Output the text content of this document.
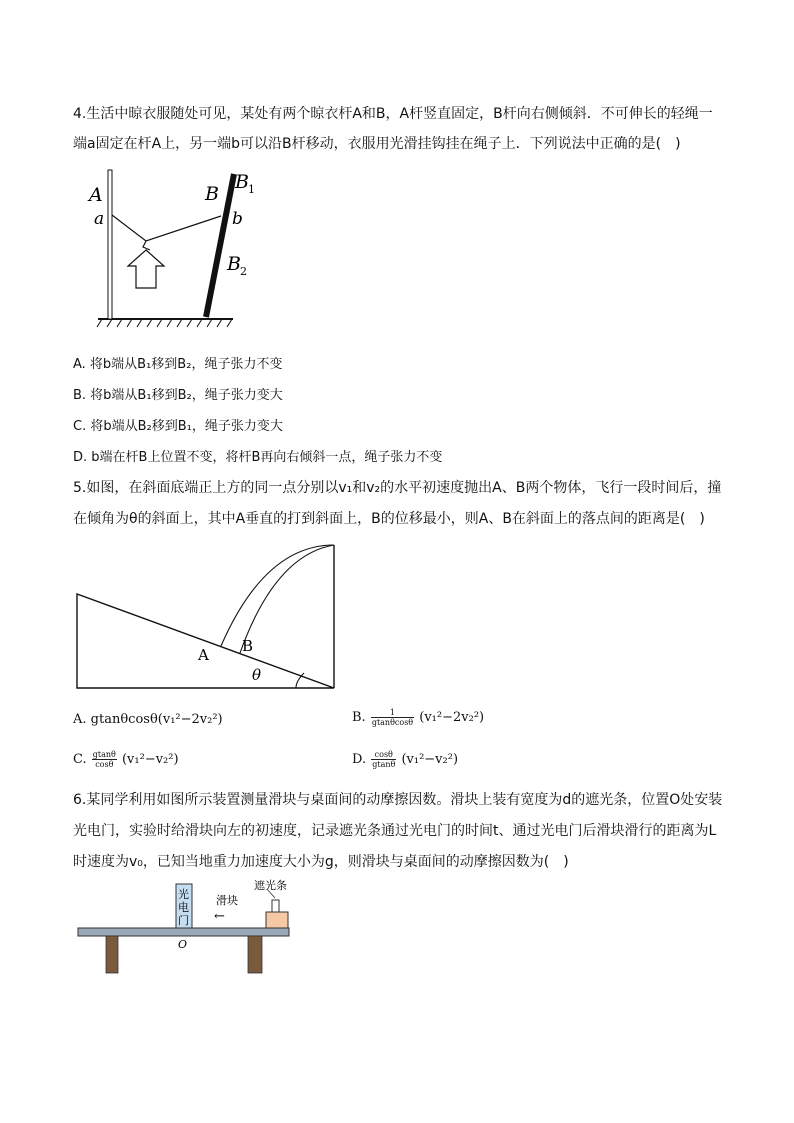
4.生活中晾衣服随处可见，某处有两个晾衣杆A和B，A杆竖直固定，B杆向右侧倾斜．不可伸长的轻绳一
端a固定在杆A上，另一端b可以沿B杆移动，衣服用光滑挂钩挂在绳子上．下列说法中正确的是(　)
A
a
B
B 1
b
B 2
A. 将b端从B₁移到B₂，绳子张力不变
B. 将b端从B₁移到B₂，绳子张力变大
C. 将b端从B₂移到B₁，绳子张力变大
D. b端在杆B上位置不变，将杆B再向右倾斜一点，绳子张力不变
5.如图，在斜面底端正上方的同一点分别以v₁和v₂的水平初速度抛出A、B两个物体，飞行一段时间后，撞
在倾角为θ的斜面上，其中A垂直的打到斜面上，B的位移最小，则A、B在斜面上的落点间的距离是(　)
A B
θ
A. gtanθcosθ(v₁²−2v₂²)	B. $\frac{1}{gtan\theta\cos\theta} (v_1^2-2v_2^2)$
C. $\frac{gtan\theta}{\cos\theta} (v_1^2-v_2^2)$	D. $\frac{\cos\theta}{gtan\theta} (v_1^2-v_2^2)$
6.某同学利用如图所示装置测量滑块与桌面间的动摩擦因数。滑块上装有宽度为d的遮光条，位置O处安装
光电门，实验时给滑块向左的初速度，记录遮光条通过光电门的时间t、通过光电门后滑块滑行的距离为L
时速度为v₀，已知当地重力加速度大小为g，则滑块与桌面间的动摩擦因数为(　)
光
电
门
遮光条
滑块
←
O
